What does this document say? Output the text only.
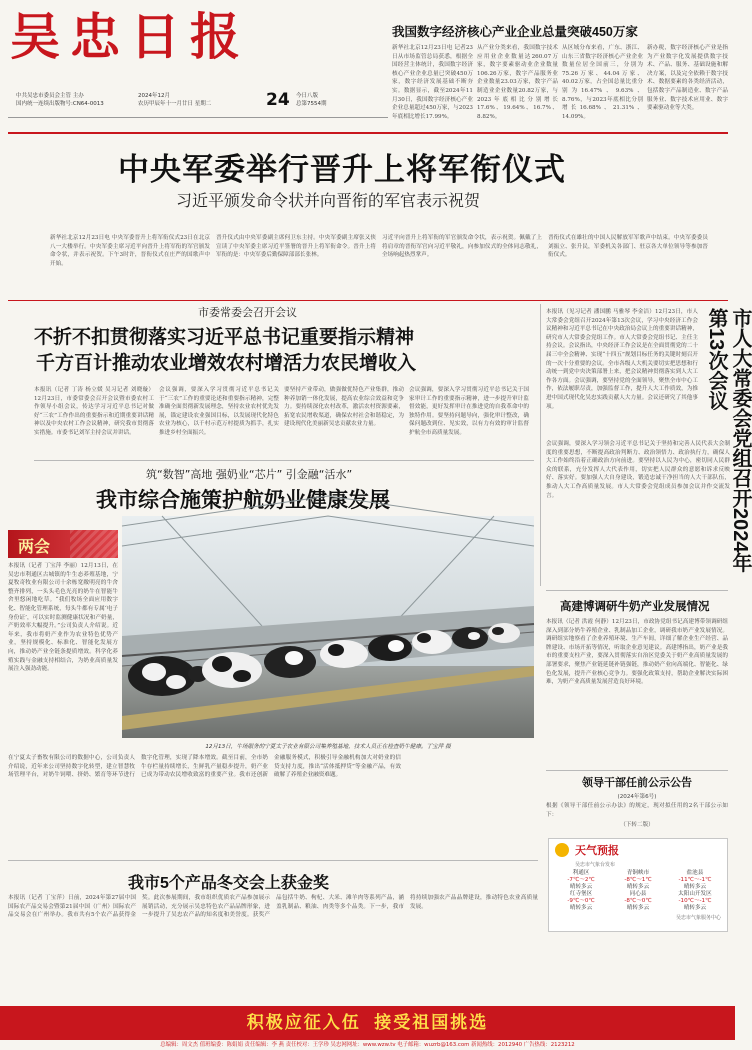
吴忠日报
中共吴忠市委员会主管 主办
国内统一连续出版物号:CN64-0013
2024年12月
农历甲辰年十一月廿日 星期二	24 今日八版
总第7554期
我国数字经济核心产业企业总量突破450万家
新华社北京12月23日电 记者23日从市场监管总局获悉，根据全国经营主体统计，我国数字经济核心产业企业总量已突破450万家，数字经济发展基础不断夯实。数据显示，截至2024年11月30日，我国数字经济核心产业企业总量超过450万家，与2023年底相比增长17.99%。
从产业分类来看，我国数字技术应用业企业数量达260.07万家，数字要素驱动业企业数量106.26万家，数字产品服务业企业数量23.03万家，数字产品制造业企业数量20.82万家，与2023年底相比分别增长17.6%、19.64%、16.7%、8.82%。
从区域分布来看，广东、浙江、山东三省数字经济核心产业企业数量位居全国前三，分别为75.26万家、44.04万家、40.02万家，占全国总量比重分别为16.47%、9.63%、8.76%，与2023年底相比分别增长16.68%、21.31%、14.09%。
新办税，数字经济核心产业是指为产业数字化发展提供数字技术、产品、服务、基础设施和解决方案，以及完全依赖于数字技术、数据要素的各类经济活动，包括数字产品制造业、数字产品服务业、数字技术应用业、数字要素驱动业等大类。
中央军委举行晋升上将军衔仪式
习近平颁发命令状并向晋衔的军官表示祝贺
新华社北京12月23日电 中央军委晋升上将军衔仪式23日在北京八一大楼举行。中央军委主席习近平向晋升上将军衔的军官颁发命令状，并表示祝贺。下午3时许，晋衔仪式在庄严的国歌声中开始。
晋升仪式由中央军委副主席何卫东主持。中央军委副主席张又侠宣读了中央军委主席习近平签署的晋升上将军衔命令。晋升上将军衔的是：中央军委后勤保障部部长张林。
习近平向晋升上将军衔的军官颁发命令状，表示祝贺。佩戴了上将肩章的晋衔军官向习近平敬礼，向参加仪式的全体同志敬礼，全场响起热烈掌声。
晋衔仪式在雄壮的中国人民解放军军歌声中结束。中央军委委员刘振立、张升民，军委机关各部门、驻京各大单位领导等参加晋衔仪式。
市委常委会召开会议
不折不扣贯彻落实习近平总书记重要指示精神
千方百计推动农业增效农村增活力农民增收入
本报讯（记者 丁涛 杨立媛 吴习记者 刘晓璇）12月23日，市委常委会召开会议暨市委农村工作领导小组会议，传达学习习近平总书记对做好“三农”工作作出的重要指示和近期重要讲话精神以及中央农村工作会议精神，研究我市贯彻落实措施。市委书记刘军主持会议并讲话。
会议强调，要深入学习贯彻习近平总书记关于“三农”工作的重要论述和重要指示精神，完整准确全面贯彻新发展理念，坚持农业农村优先发展，锚定建设农业强国目标，以发展现代化特色农业为核心，以千村示范万村提质为抓手，扎实推进乡村全面振兴。
要坚持产业带动，做强做优特色产业集群，推动种养加销一体化发展，提高农业综合效益和竞争力。要持续深化农村改革，激活农村资源要素，拓宽农民增收渠道，确保农村社会和谐稳定，为建设现代化美丽新吴忠贡献农业力量。
会议强调，要深入学习贯彻习近平总书记关于国家审计工作的重要指示精神，进一步提升审计监督效能，更好发挥审计在推进党的自我革命中的独特作用。要坚持问题导向，强化审计整改，确保问题改到位、见实效，以有力有效的审计监督护航全市高质量发展。
本报讯（见习记者 潘国鹏 马雅琴 李金洁）12月23日，市人大常委会党组召开2024年第13次会议，学习中央经济工作会议精神和习近平总书记在中央政治局会议上的重要讲话精神，研究市人大常委会党组工作。市人大常委会党组书记、主任主持会议。会议指出，中央经济工作会议是在全面贯彻党的二十届三中全会精神、实现“十四五”规划目标任务的关键时刻召开的一次十分重要的会议。全市各级人大机关要切实把思想和行动统一到党中央决策部署上来，把会议精神贯彻落实到人大工作各方面。会议强调，要坚持党的全面领导，聚焦全市中心工作，依法履职尽责，加强监督工作，提升人大工作质效，为推进中国式现代化吴忠实践贡献人大力量。会议还研究了其他事项。	市人大常委会党组召开2024年第13次会议
会议强调，要深入学习领会习近平总书记关于坚持和完善人民代表大会制度的重要思想，不断提高政治判断力、政治领悟力、政治执行力，确保人大工作始终沿着正确政治方向前进。要坚持以人民为中心，密切同人民群众的联系，充分发挥人大代表作用，切实把人民群众的意愿和诉求反映好、落实好。要加强人大自身建设，锻造忠诚干净担当的人大干部队伍，推动人大工作高质量发展。市人大常委会党组成员参加会议并作交流发言。
筑“数智”高地 强奶业“芯片” 引金融“活水”
我市综合施策护航奶业健康发展
两会
本报讯（记者 丁宝萍 李丽）12月13日，在吴忠市利通区古城镇的牛生态养殖基地，宁夏牧奇牧业有限公司十余栋宽敞明亮的牛舍整齐排列，一头头毛色光亮的奶牛在智能牛舍里悠闲地吃草。“我们牧场全面应用数字化、智能化管理系统，每头牛都有专属‘电子身份证’，可以实时监测健康状况和产奶量，产奶效率大幅提升。”公司负责人介绍说。近年来，我市将奶产业作为农业特色优势产业，坚持规模化、标准化、智能化发展方向，推动奶产业全链条提质增效。科学化养殖实践与金融支持相结合，为奶业高质量发展注入强劲动能。
12月13日，牛场服务的宁夏太子农业有限公司集养殖基地，技术人员正在检查奶牛健康。丁宝萍 摄
在宁夏太子畜牧有限公司的数据中心，公司负责人介绍说，近年来公司坚持数字化转型，建立智慧牧场管理平台，对奶牛饲喂、挤奶、繁育等环节进行数字化管理，实现了降本增效。截至目前，全市奶牛存栏量持续增长，生鲜乳产量稳步提升，奶产业已成为带动农民增收致富的重要产业。我市还创新金融服务模式，积极引导金融机构加大对奶业的信贷支持力度，推出“活体抵押贷”等金融产品，有效破解了养殖企业融资难题。
高建博调研牛奶产业发展情况
本报讯（记者 洪霞 何静）12月23日，市政协党组书记高建博带领调研组深入到部分奶牛养殖企业、乳制品加工企业，调研我市奶产业发展情况。调研组实地察看了企业养殖环境、生产车间，详细了解企业生产经营、品牌建设、市场开拓等情况，听取企业意见建议。高建博指出，奶产业是我市的重要支柱产业，要深入贯彻落实自治区党委关于奶产业高质量发展的部署要求，聚焦产业链延链补链强链，推动奶产业向高端化、智能化、绿色化发展，提升产业核心竞争力。要强化政策支持，帮助企业解决实际困难，为奶产业高质量发展营造良好环境。
领导干部任前公示公告
(2024年第6号)
根据《领导干部任前公示办法》的规定，现对拟任用的2名干部公示如下：
（下转二版）
天气预报
吴忠市气象台发布
利通区	青铜峡市	盐池县
-7℃～2℃	-8℃～1℃	-11℃～-1℃
晴转多云	晴转多云	晴转多云
红寺堡区	同心县	太阳山开发区
-9℃～0℃	-8℃～0℃	-10℃～-1℃
晴转多云	晴转多云	晴转多云
吴忠市气象服务中心
我市5个产品冬交会上获金奖
本报讯（记者 丁宝萍）日前，2024年第27届中国国际农产品交易会暨第21届中国（广州）国际农产品交易会在广州举办。我市共有5个农产品获得金奖。此次参展期间，我市组织优质农产品参加展示展销活动，充分展示吴忠特色农产品品牌形象，进一步提升了吴忠农产品的知名度和美誉度。获奖产品包括牛奶、枸杞、大米、滩羊肉等系列产品，涵盖乳制品、粮油、肉类等多个品类。下一步，我市将持续加强农产品品牌建设，推动特色农业高质量发展。
积极应征入伍  接受祖国挑选
总编辑：周文杰 值班编委：陈娟娟 责任编辑：李 燕 责任校对：王学珍 吴忠网网址：www.wzw.tv 电子邮箱：wuzrb@163.com 新闻热线：2012940 广告热线：2123212
